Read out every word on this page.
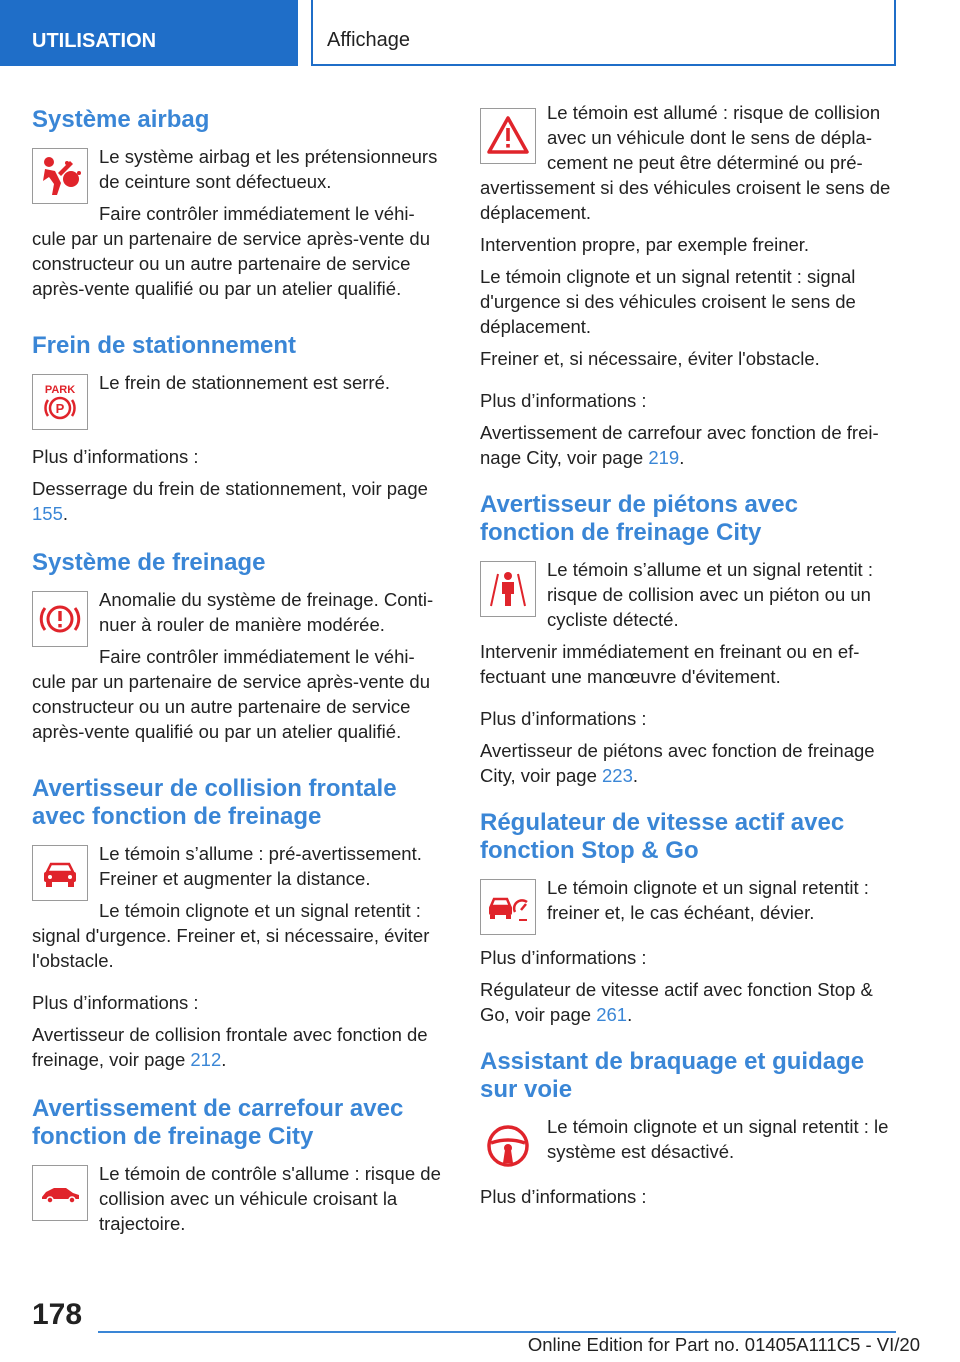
UTILISATION	Affichage
Système airbag

Le système airbag et les prétensionneurs de ceinture sont défectueux.

Faire contrôler immédiatement le véhi-

cule par un partenaire de service après-vente du constructeur ou un autre partenaire de service après-vente qualifié ou par un atelier qualifié.

Frein de stationnement
PARK
P

Le frein de stationnement est serré.

Plus d’informations :

Desserrage du frein de stationnement, voir page 155.

Système de freinage

Anomalie du système de freinage. Conti-nuer à rouler de manière modérée.

Faire contrôler immédiatement le véhi-

cule par un partenaire de service après-vente du constructeur ou un autre partenaire de service après-vente qualifié ou par un atelier qualifié.

Avertisseur de collision frontale avec fonction de freinage

Le témoin s’allume : pré-avertissement. Freiner et augmenter la distance.

Le témoin clignote et un signal retentit :

signal d'urgence. Freiner et, si nécessaire, éviter l'obstacle.

Plus d’informations :

Avertisseur de collision frontale avec fonction de freinage, voir page 212.

Avertissement de carrefour avec fonction de freinage City

Le témoin de contrôle s'allume : risque de collision avec un véhicule croisant la trajectoire.

Le témoin est allumé : risque de collision avec un véhicule dont le sens de dépla-cement ne peut être déterminé ou pré-

avertissement si des véhicules croisent le sens de déplacement.

Intervention propre, par exemple freiner.

Le témoin clignote et un signal retentit : signal d'urgence si des véhicules croisent le sens de déplacement.

Freiner et, si nécessaire, éviter l'obstacle.

Plus d’informations :

Avertissement de carrefour avec fonction de frei-nage City, voir page 219.

Avertisseur de piétons avec fonction de freinage City

Le témoin s’allume et un signal retentit : risque de collision avec un piéton ou un cycliste détecté.

Intervenir immédiatement en freinant ou en ef-fectuant une manœuvre d'évitement.

Plus d’informations :

Avertisseur de piétons avec fonction de freinage City, voir page 223.

Régulateur de vitesse actif avec fonction Stop & Go

Le témoin clignote et un signal retentit : freiner et, le cas échéant, dévier.

Plus d’informations :

Régulateur de vitesse actif avec fonction Stop & Go, voir page 261.

Assistant de braquage et guidage sur voie

Le témoin clignote et un signal retentit : le système est désactivé.

Plus d’informations :

178
Online Edition for Part no. 01405A111C5 - VI/20
